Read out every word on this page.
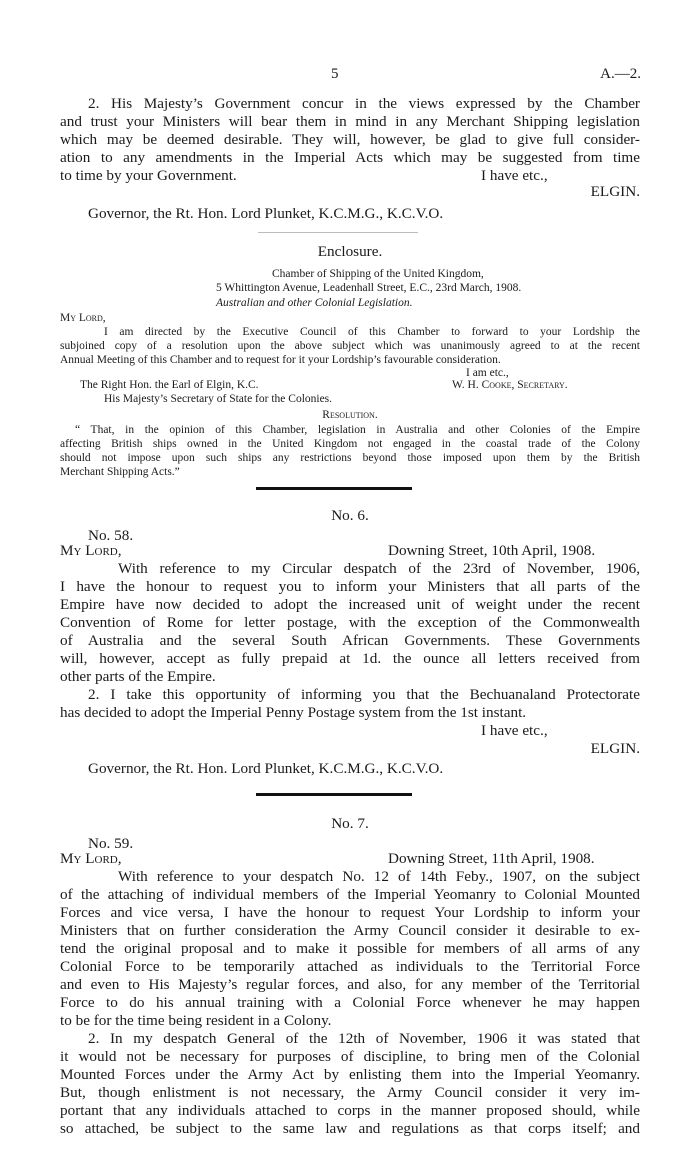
5	A.—2.
2. His Majesty’s Government concur in the views expressed by the Chamber
and trust your Ministers will bear them in mind in any Merchant Shipping legislation
which may be deemed desirable. They will, however, be glad to give full consider-
ation to any amendments in the Imperial Acts which may be suggested from time
to time by your Government.	I have etc.,
ELGIN.
Governor, the Rt. Hon. Lord Plunket, K.C.M.G., K.C.V.O.
Enclosure.
Chamber of Shipping of the United Kingdom,
5 Whittington Avenue, Leadenhall Street, E.C., 23rd March, 1908.
Australian and other Colonial Legislation.
My Lord,
I am directed by the Executive Council of this Chamber to forward to your Lordship the
subjoined copy of a resolution upon the above subject which was unanimously agreed to at the recent
Annual Meeting of this Chamber and to request for it your Lordship’s favourable consideration.
I am etc.,
The Right Hon. the Earl of Elgin, K.C.	W. H. Cooke, Secretary.
His Majesty’s Secretary of State for the Colonies.
Resolution.
“ That, in the opinion of this Chamber, legislation in Australia and other Colonies of the Empire
affecting British ships owned in the United Kingdom not engaged in the coastal trade of the Colony
should not impose upon such ships any restrictions beyond those imposed upon them by the British
Merchant Shipping Acts.”
No. 6.
No. 58.
My Lord,	Downing Street, 10th April, 1908.
With reference to my Circular despatch of the 23rd of November, 1906,
I have the honour to request you to inform your Ministers that all parts of the
Empire have now decided to adopt the increased unit of weight under the recent
Convention of Rome for letter postage, with the exception of the Commonwealth
of Australia and the several South African Governments. These Governments
will, however, accept as fully prepaid at 1d. the ounce all letters received from
other parts of the Empire.
2. I take this opportunity of informing you that the Bechuanaland Protectorate
has decided to adopt the Imperial Penny Postage system from the 1st instant.
I have etc.,
ELGIN.
Governor, the Rt. Hon. Lord Plunket, K.C.M.G., K.C.V.O.
No. 7.
No. 59.
My Lord,	Downing Street, 11th April, 1908.
With reference to your despatch No. 12 of 14th Feby., 1907, on the subject
of the attaching of individual members of the Imperial Yeomanry to Colonial Mounted
Forces and vice versa, I have the honour to request Your Lordship to inform your
Ministers that on further consideration the Army Council consider it desirable to ex-
tend the original proposal and to make it possible for members of all arms of any
Colonial Force to be temporarily attached as individuals to the Territorial Force
and even to His Majesty’s regular forces, and also, for any member of the Territorial
Force to do his annual training with a Colonial Force whenever he may happen
to be for the time being resident in a Colony.
2. In my despatch General of the 12th of November, 1906 it was stated that
it would not be necessary for purposes of discipline, to bring men of the Colonial
Mounted Forces under the Army Act by enlisting them into the Imperial Yeomanry.
But, though enlistment is not necessary, the Army Council consider it very im-
portant that any individuals attached to corps in the manner proposed should, while
so attached, be subject to the same law and regulations as that corps itself; and
